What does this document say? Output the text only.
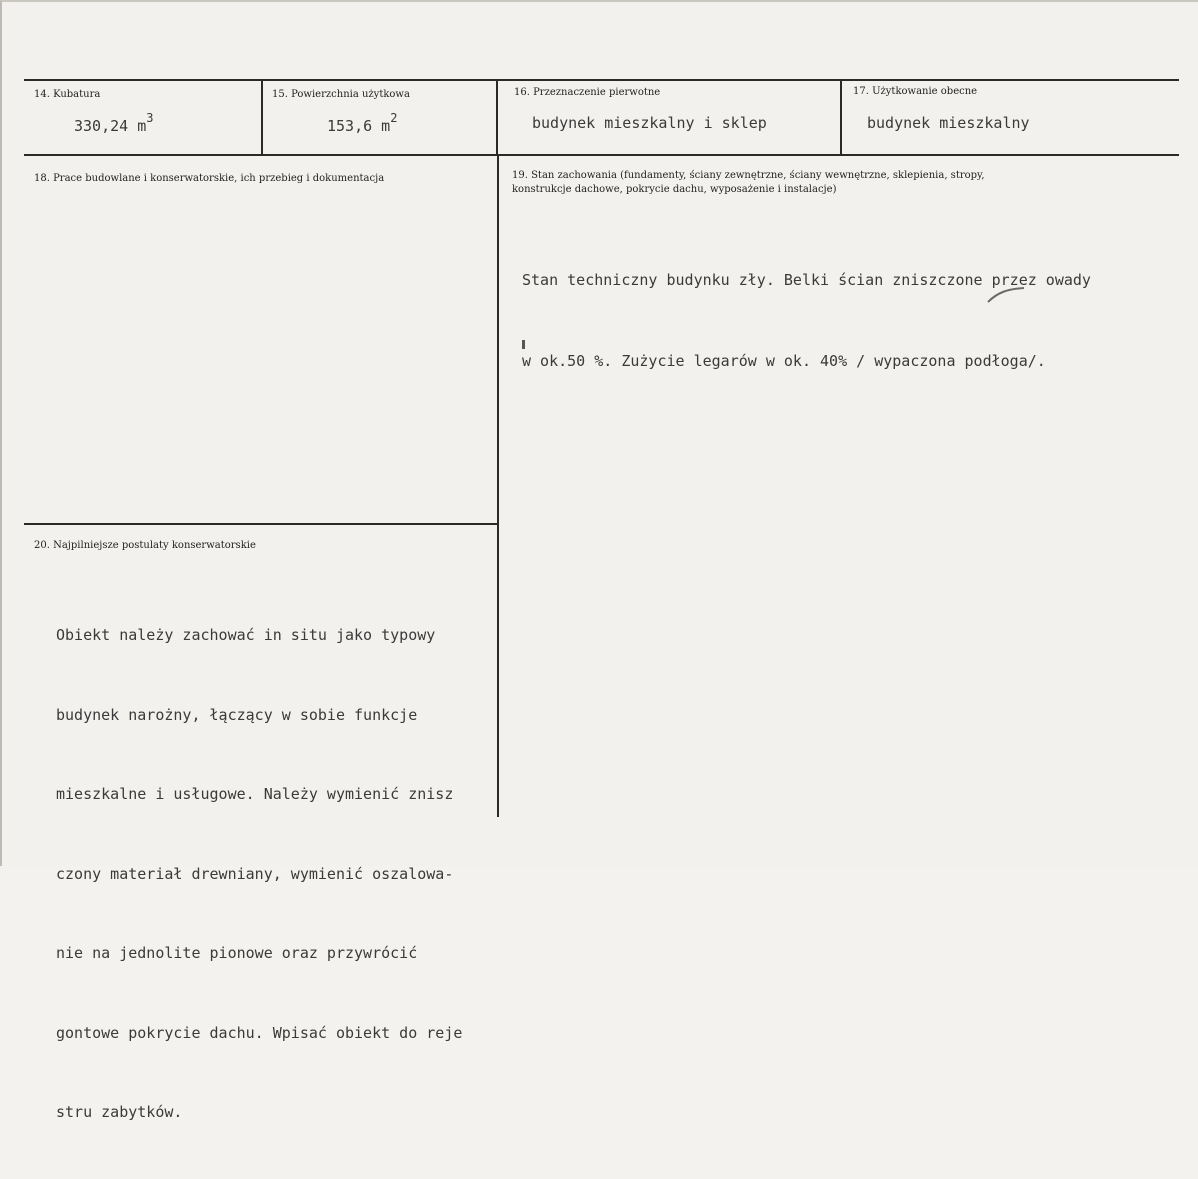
14. Kubatura
330,24 $m^3$
15. Powierzchnia użytkowa
153,6 $m^2$
16. Przeznaczenie pierwotne
budynek mieszkalny i sklep
17. Użytkowanie obecne
budynek mieszkalny
18. Prace budowlane i konserwatorskie, ich przebieg i dokumentacja	19. Stan zachowania (fundamenty, ściany zewnętrzne, ściany wewnętrzne, sklepienia, stropy,
konstrukcje dachowe, pokrycie dachu, wyposażenie i instalacje)

Stan techniczny budynku zły. Belki ścian zniszczone przez owady

w ok.50 %. Zużycie legarów w ok. 40% / wypaczona podłoga/.

20. Najpilniejsze postulaty konserwatorskie

Obiekt należy zachować in situ jako typowy

budynek narożny, łączący w sobie funkcje

mieszkalne i usługowe. Należy wymienić znisz

czony materiał drewniany, wymienić oszalowa-

nie na jednolite pionowe oraz przywrócić

gontowe pokrycie dachu. Wpisać obiekt do reje

stru zabytków.
